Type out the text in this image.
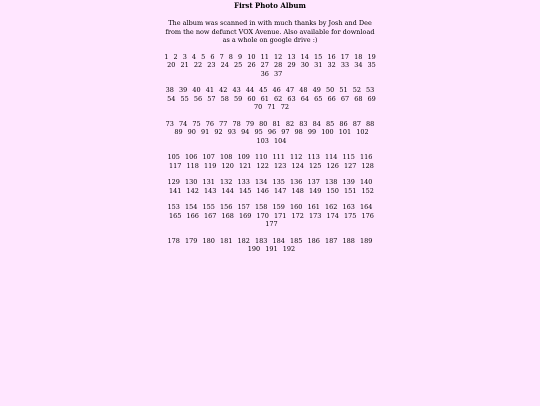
First Photo Album
The album was scanned in with much thanks by Josh and Dee from the now defunct VOX Avenue. Also available for download as a whole on google drive :)
1 2 3 4 5 6 7 8 9 10 11 12 13 14 15 16 17 18 19 20 21 22 23 24 25 26 27 28 29 30 31 32 33 34 35 36 37
38 39 40 41 42 43 44 45 46 47 48 49 50 51 52 53 54 55 56 57 58 59 60 61 62 63 64 65 66 67 68 69 70 71 72
73 74 75 76 77 78 79 80 81 82 83 84 85 86 87 88 89 90 91 92 93 94 95 96 97 98 99 100 101 102 103 104
105 106 107 108 109 110 111 112 113 114 115 116 117 118 119 120 121 122 123 124 125 126 127 128
129 130 131 132 133 134 135 136 137 138 139 140 141 142 143 144 145 146 147 148 149 150 151 152
153 154 155 156 157 158 159 160 161 162 163 164 165 166 167 168 169 170 171 172 173 174 175 176 177
178 179 180 181 182 183 184 185 186 187 188 189 190 191 192
